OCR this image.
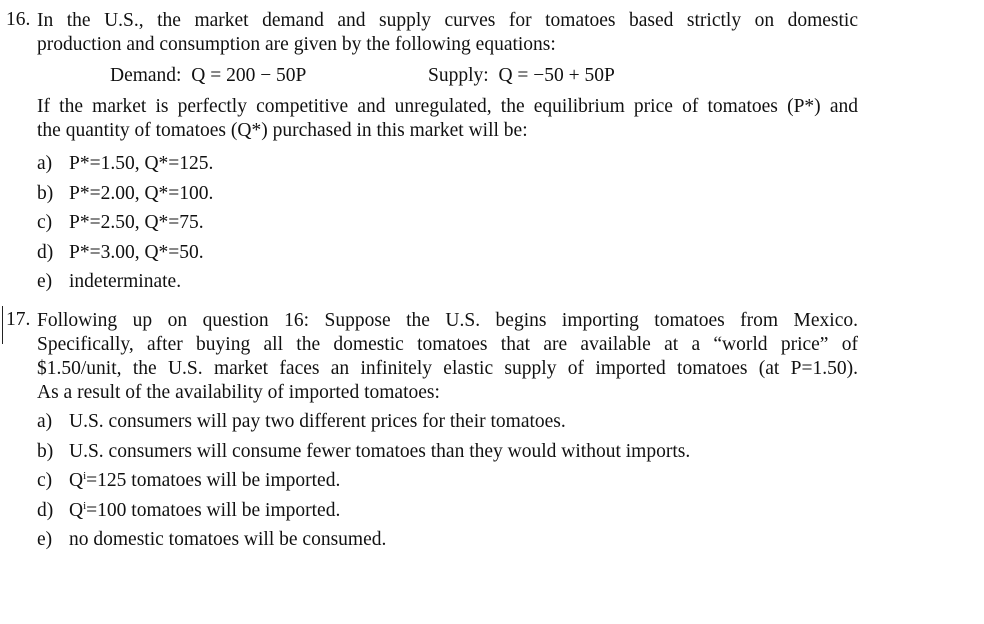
16. In the U.S., the market demand and supply curves for tomatoes based strictly on domestic
production and consumption are given by the following equations:
Demand: Q = 200 − 50P	Supply: Q = −50 + 50P
If the market is perfectly competitive and unregulated, the equilibrium price of tomatoes (P*) and
the quantity of tomatoes (Q*) purchased in this market will be:
a) P*=1.50, Q*=125.
b) P*=2.00, Q*=100.
c) P*=2.50, Q*=75.
d) P*=3.00, Q*=50.
e) indeterminate.
17. Following up on question 16: Suppose the U.S. begins importing tomatoes from Mexico.
Specifically, after buying all the domestic tomatoes that are available at a “world price” of
$1.50/unit, the U.S. market faces an infinitely elastic supply of imported tomatoes (at P=1.50).
As a result of the availability of imported tomatoes:
a) U.S. consumers will pay two different prices for their tomatoes.
b) U.S. consumers will consume fewer tomatoes than they would without imports.
c) $Q^i=125$ tomatoes will be imported.
d) $Q^i=100$ tomatoes will be imported.
e) no domestic tomatoes will be consumed.
